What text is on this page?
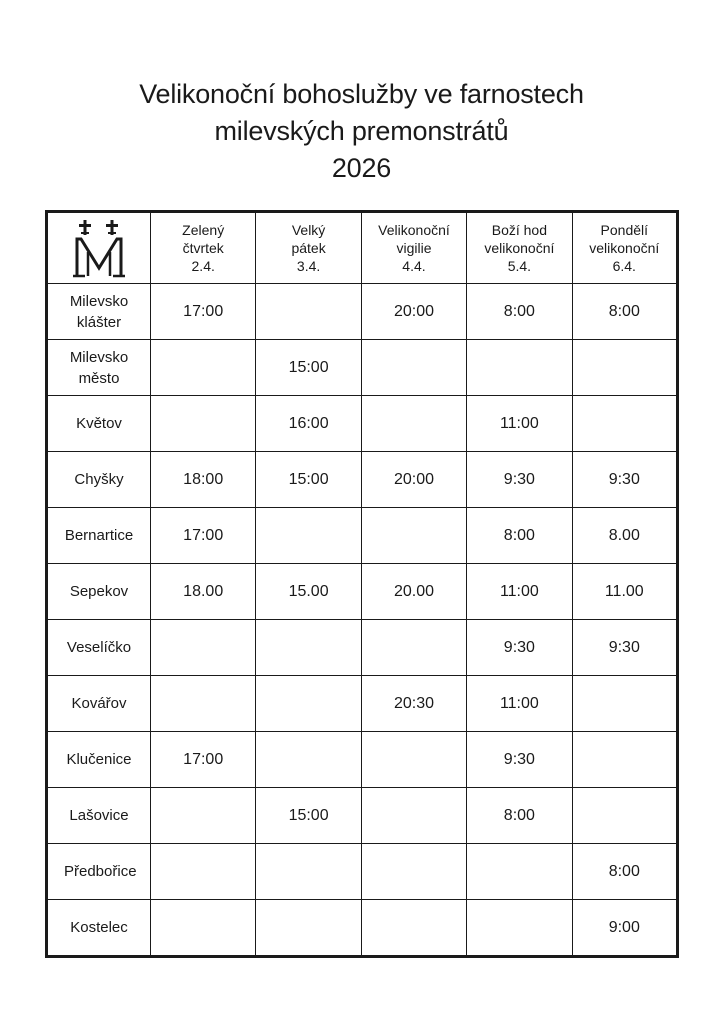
Velikonoční bohoslužby ve farnostech
milevských premonstrátů
2026

Zelený
čtvrtek
2.4.	Velký
pátek
3.4.	Velikonoční
vigilie
4.4.	Boží hod
velikonoční
5.4.	Pondělí
velikonoční
6.4.

Milevsko klášter	17:00		20:00	8:00	8:00
Milevsko město		15:00			
Květov		16:00		11:00	
Chyšky	18:00	15:00	20:00	9:30	9:30
Bernartice	17:00			8:00	8.00
Sepekov	18.00	15.00	20.00	11:00	11.00
Veselíčko				9:30	9:30
Kovářov			20:30	11:00	
Klučenice	17:00			9:30	
Lašovice		15:00		8:00	
Předbořice					8:00
Kostelec					9:00
